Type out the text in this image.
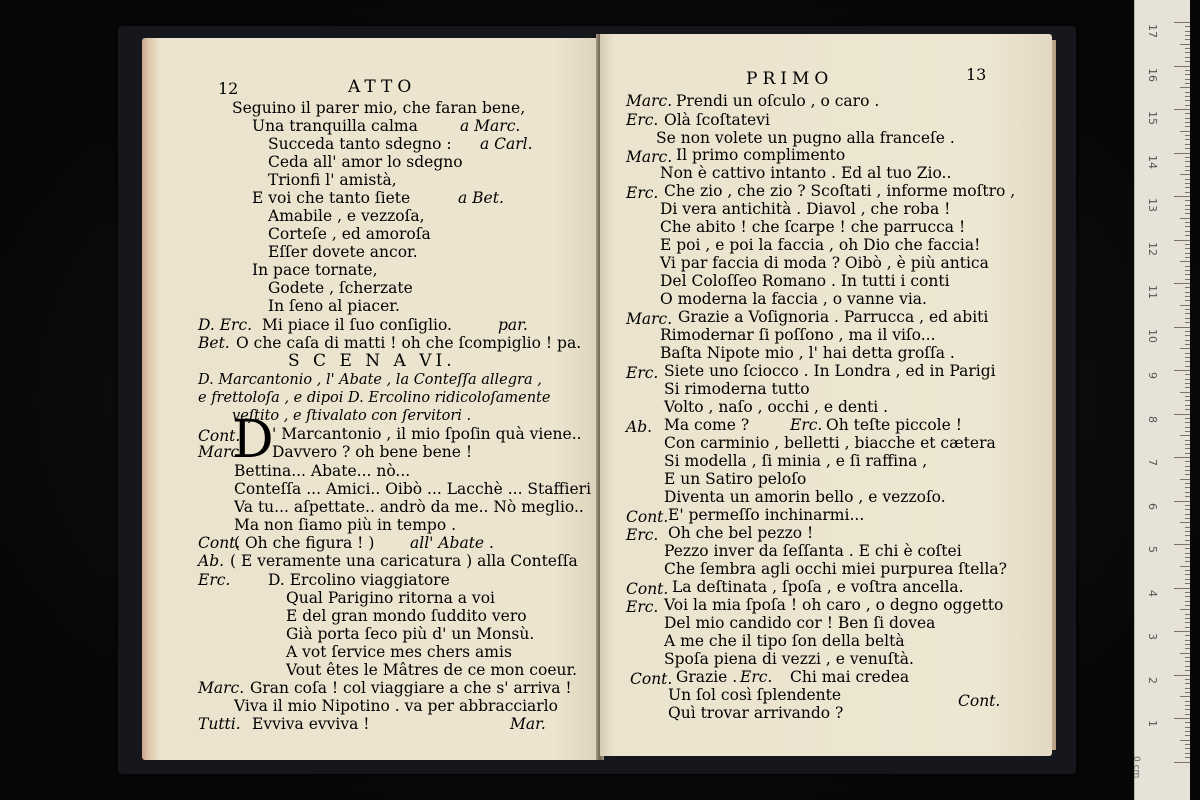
12	ATTO
Seguino il parer mio, che faran bene,
Una tranquilla calma	a Marc.
Succeda tanto sdegno : a Carl.
Ceda all' amor lo sdegno
Trionfi l' amistà,
E voi che tanto ſiete	a Bet.
Amabile , e vezzoſa,
Corteſe , ed amoroſa
Eſſer dovete ancor.
In pace tornate,
Godete , ſcherzate
In ſeno al piacer.
D. Erc. Mi piace il ſuo conſiglio.	par.
Bet. O che caſa di matti ! oh che ſcompiglio ! pa.
S C E N A VI.
D. Marcantonio , l' Abate , la Conteſſa allegra ,
e frettoloſa , e dipoi D. Ercolino ridicoloſamente
veſtito , e ſtivalato con ſervitori .
Cont.
D
' Marcantonio , il mio ſpoſin quà viene..
Marc. Davvero ? oh bene bene !
Bettina... Abate... nò...
Conteſſa ... Amici.. Oibò ... Lacchè ... Staffieri
Va tu... aſpettate.. andrò da me.. Nò meglio..
Ma non ſiamo più in tempo .
Cont.
( Oh che figura ! ) all' Abate .
Ab. ( E veramente una caricatura ) alla Conteſſa
Erc. D. Ercolino viaggiatore
Qual Parigino ritorna a voi
E del gran mondo ſuddito vero
Già porta ſeco più d' un Monsù.
A vot ſervice mes chers amis
Vout êtes le Mâtres de ce mon coeur.
Marc. Gran coſa ! col viaggiare a che s' arriva !
Viva il mio Nipotino . va per abbracciarlo
Tutti. Evviva evviva !	Mar.
PRIMO	13
Marc. Prendi un oſculo , o caro .
Erc. Olà ſcoſtatevi
Se non volete un pugno alla franceſe .
Marc. Il primo complimento
Non è cattivo intanto . Ed al tuo Zio..
Erc. Che zio , che zio ? Scoſtati , informe moſtro ,
Di vera antichità . Diavol , che roba !
Che abito ! che ſcarpe ! che parrucca !
E poi , e poi la faccia , oh Dio che faccia!
Vi par faccia di moda ? Oibò , è più antica
Del Coloſſeo Romano . In tutti i conti
O moderna la faccia , o vanne via.
Marc. Grazie a Voſignoria . Parrucca , ed abiti
Rimodernar ſi poſſono , ma il viſo...
Baſta Nipote mio , l' hai detta groſſa .
Erc. Siete uno ſciocco . In Londra , ed in Parigi
Si rimoderna tutto
Volto , naſo , occhi , e denti .
Ab. Ma come ?	Erc. Oh teſte piccole !
Con carminio , belletti , biacche et cætera
Si modella , ſi minia , e ſi raffina ,
E un Satiro peloſo
Diventa un amorin bello , e vezzoſo.
Cont. E' permeſſo inchinarmi...
Erc. Oh che bel pezzo !
Pezzo inver da ſeſſanta . E chi è coſtei
Che ſembra agli occhi miei purpurea ſtella?
Cont. La deſtinata , ſpoſa , e voſtra ancella.
Erc. Voi la mia ſpoſa ! oh caro , o degno oggetto
Del mio candido cor ! Ben ſi dovea
A me che il tipo ſon della beltà
Spoſa piena di vezzi , e venuſtà.
Cont. Grazie . Erc. Chi mai credea
Un ſol così ſplendente
Quì trovar arrivando ?
Cont.
0 cm
17
16
15
14
13
12
11
10
9
8
7
6
5
4
3
2
1
